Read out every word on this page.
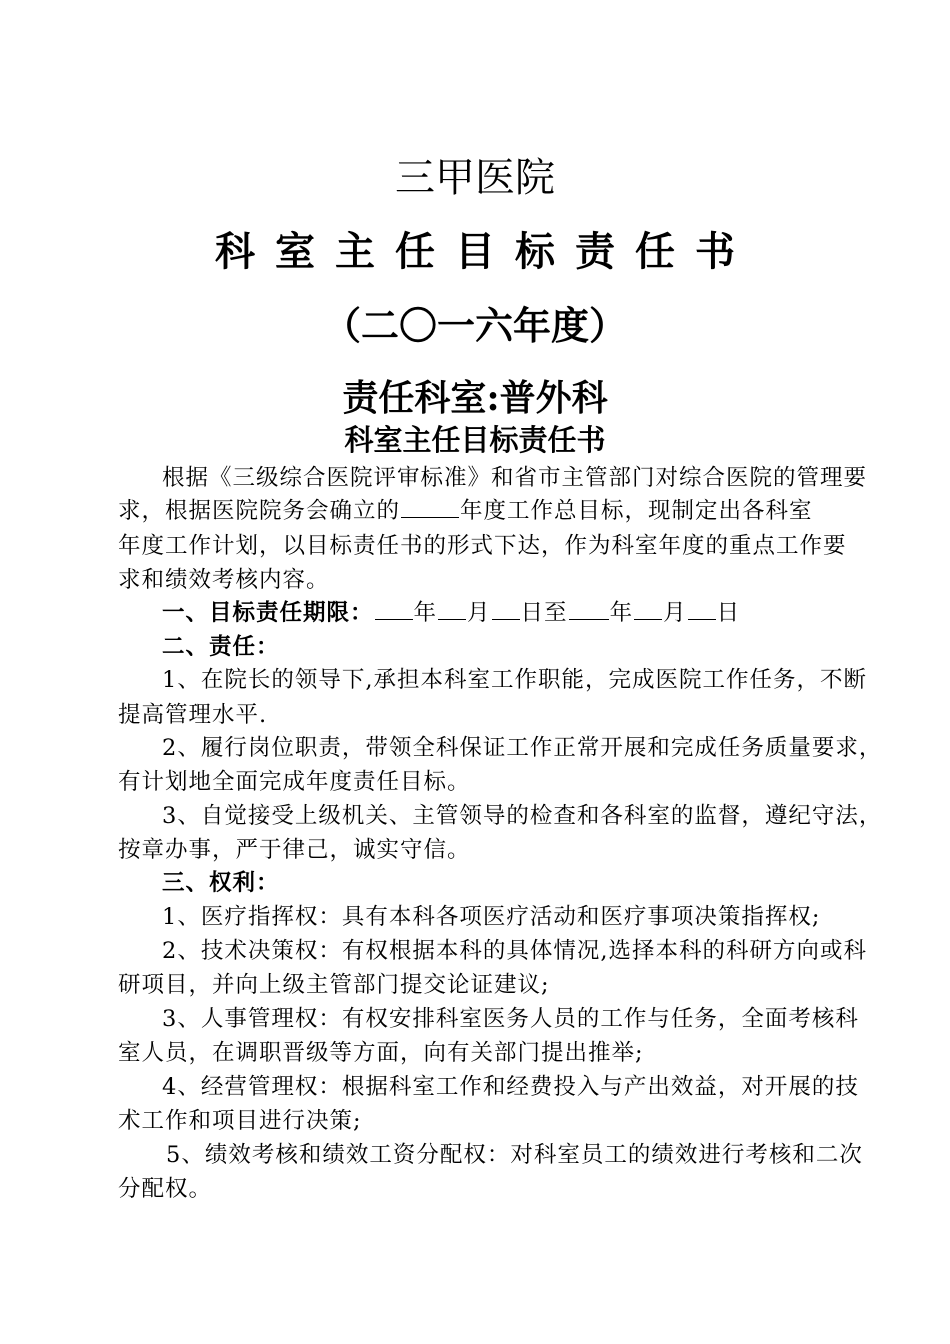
三甲医院
科室主任目标责任书
（二〇一六年度）
责任科室:普外科
科室主任目标责任书
根据《三级综合医院评审标准》和省市主管部门对综合医院的管理要
求，根据医院院务会确立的	年度工作总目标，现制定出各科室
年度工作计划，以目标责任书的形式下达，作为科室年度的重点工作要
求和绩效考核内容。
一、目标责任期限： 年 月 日至 年 月 日
二、责任：
1、在院长的领导下,承担本科室工作职能，完成医院工作任务，不断
提高管理水平.
2、履行岗位职责，带领全科保证工作正常开展和完成任务质量要求，
有计划地全面完成年度责任目标。
3、自觉接受上级机关、主管领导的检查和各科室的监督，遵纪守法，
按章办事，严于律己，诚实守信。
三、权利：
1、医疗指挥权：具有本科各项医疗活动和医疗事项决策指挥权;
2、技术决策权：有权根据本科的具体情况,选择本科的科研方向或科
研项目，并向上级主管部门提交论证建议;
3、人事管理权：有权安排科室医务人员的工作与任务，全面考核科
室人员，在调职晋级等方面，向有关部门提出推举;
4、经营管理权：根据科室工作和经费投入与产出效益，对开展的技
术工作和项目进行决策;
5、绩效考核和绩效工资分配权：对科室员工的绩效进行考核和二次
分配权。
